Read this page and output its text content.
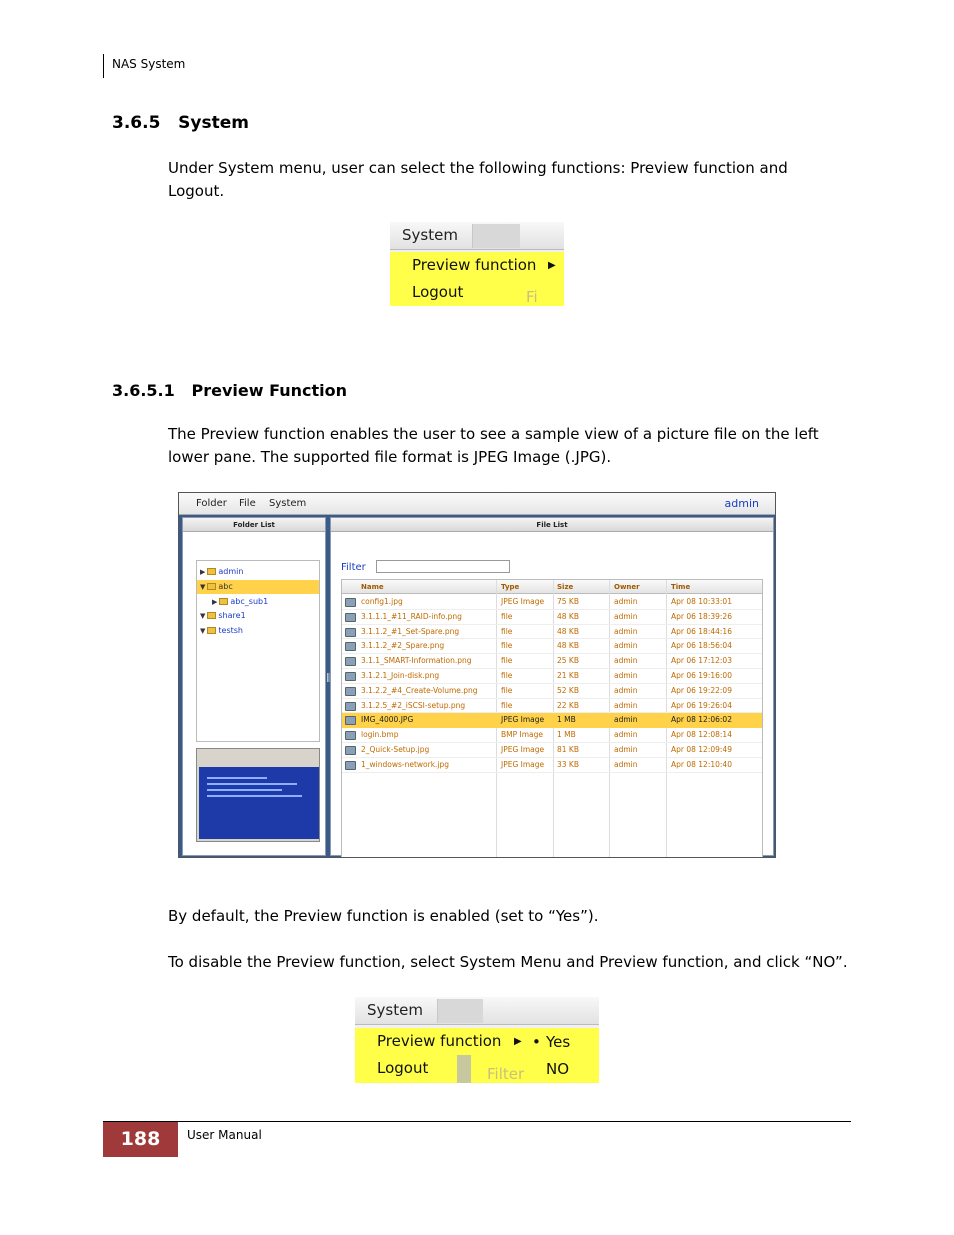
NAS System
3.6.5   System
Under System menu, user can select the following functions: Preview function and Logout.
System
Fi
Preview function ▶
Logout
3.6.5.1   Preview Function
The Preview function enables the user to see a sample view of a picture file on the left lower pane. The supported file format is JPEG Image (.JPG).
Folder File System	admin
Folder List
▶ admin
▼ abc
▶ abc_sub1
▼ share1
▼ testsh
‖
File List
Filter
Name	Type	Size	Owner	Time
config1.jpg	JPEG Image 75 KB	admin	Apr 08 10:33:01
3.1.1.1_#11_RAID-info.png	file	48 KB	admin	Apr 06 18:39:26
3.1.1.2_#1_Set-Spare.png	file	48 KB	admin	Apr 06 18:44:16
3.1.1.2_#2_Spare.png	file	48 KB	admin	Apr 06 18:56:04
3.1.1_SMART-Information.png	file	25 KB	admin	Apr 06 17:12:03
3.1.2.1_Join-disk.png	file	21 KB	admin	Apr 06 19:16:00
3.1.2.2_#4_Create-Volume.png	file	52 KB	admin	Apr 06 19:22:09
3.1.2.5_#2_iSCSI-setup.png	file	22 KB	admin	Apr 06 19:26:04
IMG_4000.JPG	JPEG Image 1 MB	admin	Apr 08 12:06:02
login.bmp	BMP Image 1 MB	admin	Apr 08 12:08:14
2_Quick-Setup.jpg	JPEG Image 81 KB	admin	Apr 08 12:09:49
1_windows-network.jpg	JPEG Image 33 KB	admin	Apr 08 12:10:40
By default, the Preview function is enabled (set to “Yes”).
To disable the Preview function, select System Menu and Preview function, and click “NO”.
System
Filter
Preview function ▶
Logout
• Yes
NO
188	User Manual
